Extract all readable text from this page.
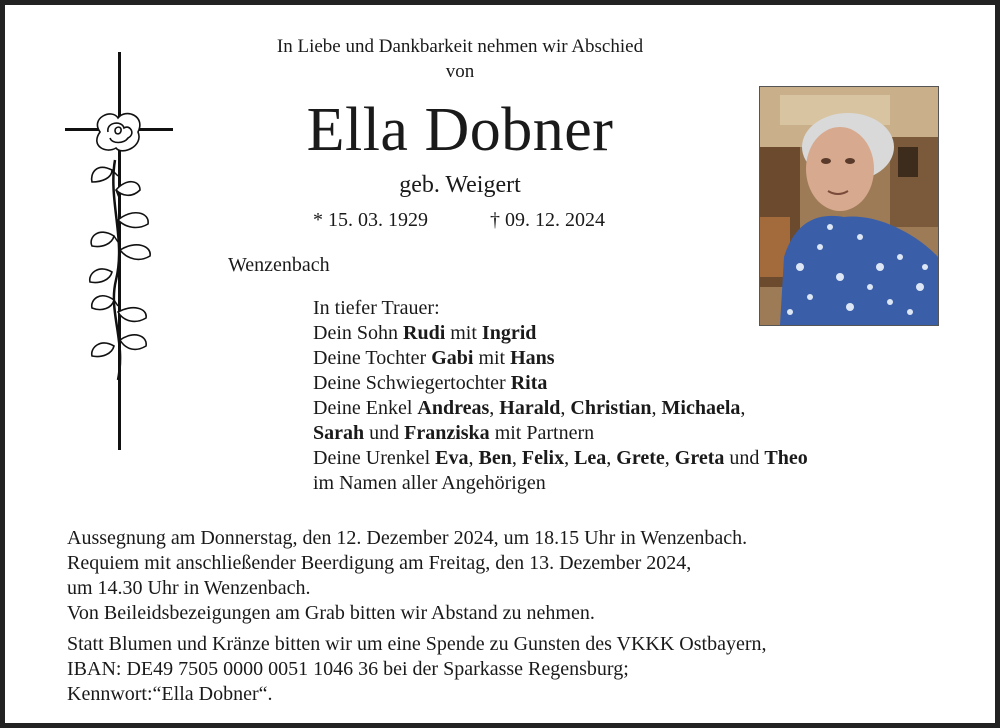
In Liebe und Dankbarkeit nehmen wir Abschied
von
Ella Dobner
geb. Weigert
* 15. 03. 1929	† 09. 12. 2024
Wenzenbach
In tiefer Trauer:
Dein Sohn Rudi mit Ingrid
Deine Tochter Gabi mit Hans
Deine Schwiegertochter Rita
Deine Enkel Andreas, Harald, Christian, Michaela,
Sarah und Franziska mit Partnern
Deine Urenkel Eva, Ben, Felix, Lea, Grete, Greta und Theo
im Namen aller Angehörigen
Aussegnung am Donnerstag, den 12. Dezember 2024, um 18.15 Uhr in Wenzenbach.
Requiem mit anschließender Beerdigung am Freitag, den 13. Dezember 2024,
um 14.30 Uhr in Wenzenbach.
Von Beileidsbezeigungen am Grab bitten wir Abstand zu nehmen.
Statt Blumen und Kränze bitten wir um eine Spende zu Gunsten des VKKK Ostbayern,
IBAN: DE49 7505 0000 0051 1046 36 bei der Sparkasse Regensburg;
Kennwort:“Ella Dobner“.
